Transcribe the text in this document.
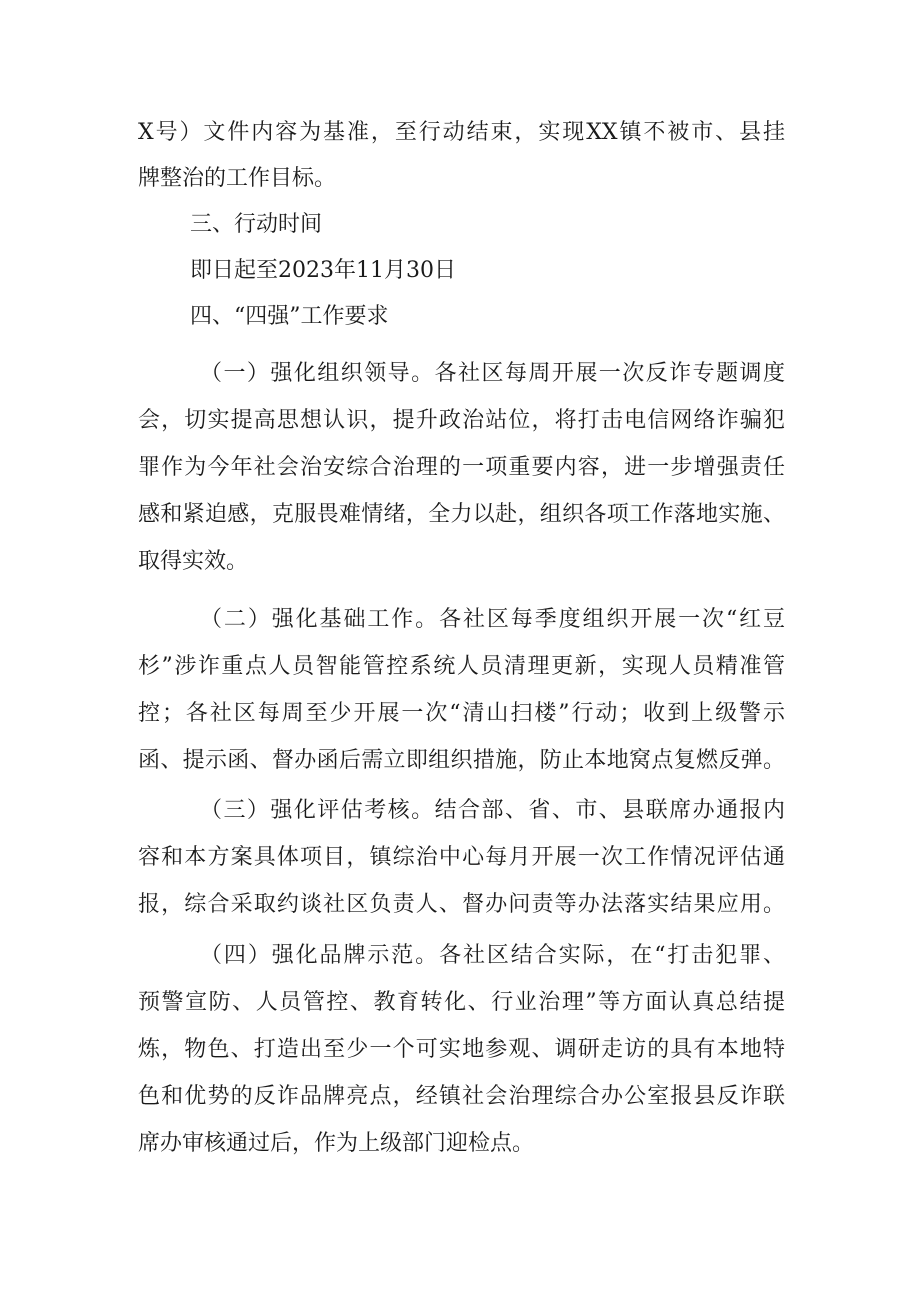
X号）文件内容为基准，至行动结束，实现XX镇不被市、县挂
牌整治的工作目标。
三、行动时间
即日起至2023年11月30日
四、“四强”工作要求
（一）强化组织领导。各社区每周开展一次反诈专题调度
会，切实提高思想认识，提升政治站位，将打击电信网络诈骗犯
罪作为今年社会治安综合治理的一项重要内容，进一步增强责任
感和紧迫感，克服畏难情绪，全力以赴，组织各项工作落地实施、
取得实效。
（二）强化基础工作。各社区每季度组织开展一次“红豆
杉”涉诈重点人员智能管控系统人员清理更新，实现人员精准管
控；各社区每周至少开展一次“清山扫楼”行动；收到上级警示
函、提示函、督办函后需立即组织措施，防止本地窝点复燃反弹。
（三）强化评估考核。结合部、省、市、县联席办通报内
容和本方案具体项目，镇综治中心每月开展一次工作情况评估通
报，综合采取约谈社区负责人、督办问责等办法落实结果应用。
（四）强化品牌示范。各社区结合实际，在“打击犯罪、
预警宣防、人员管控、教育转化、行业治理”等方面认真总结提
炼，物色、打造出至少一个可实地参观、调研走访的具有本地特
色和优势的反诈品牌亮点，经镇社会治理综合办公室报县反诈联
席办审核通过后，作为上级部门迎检点。
